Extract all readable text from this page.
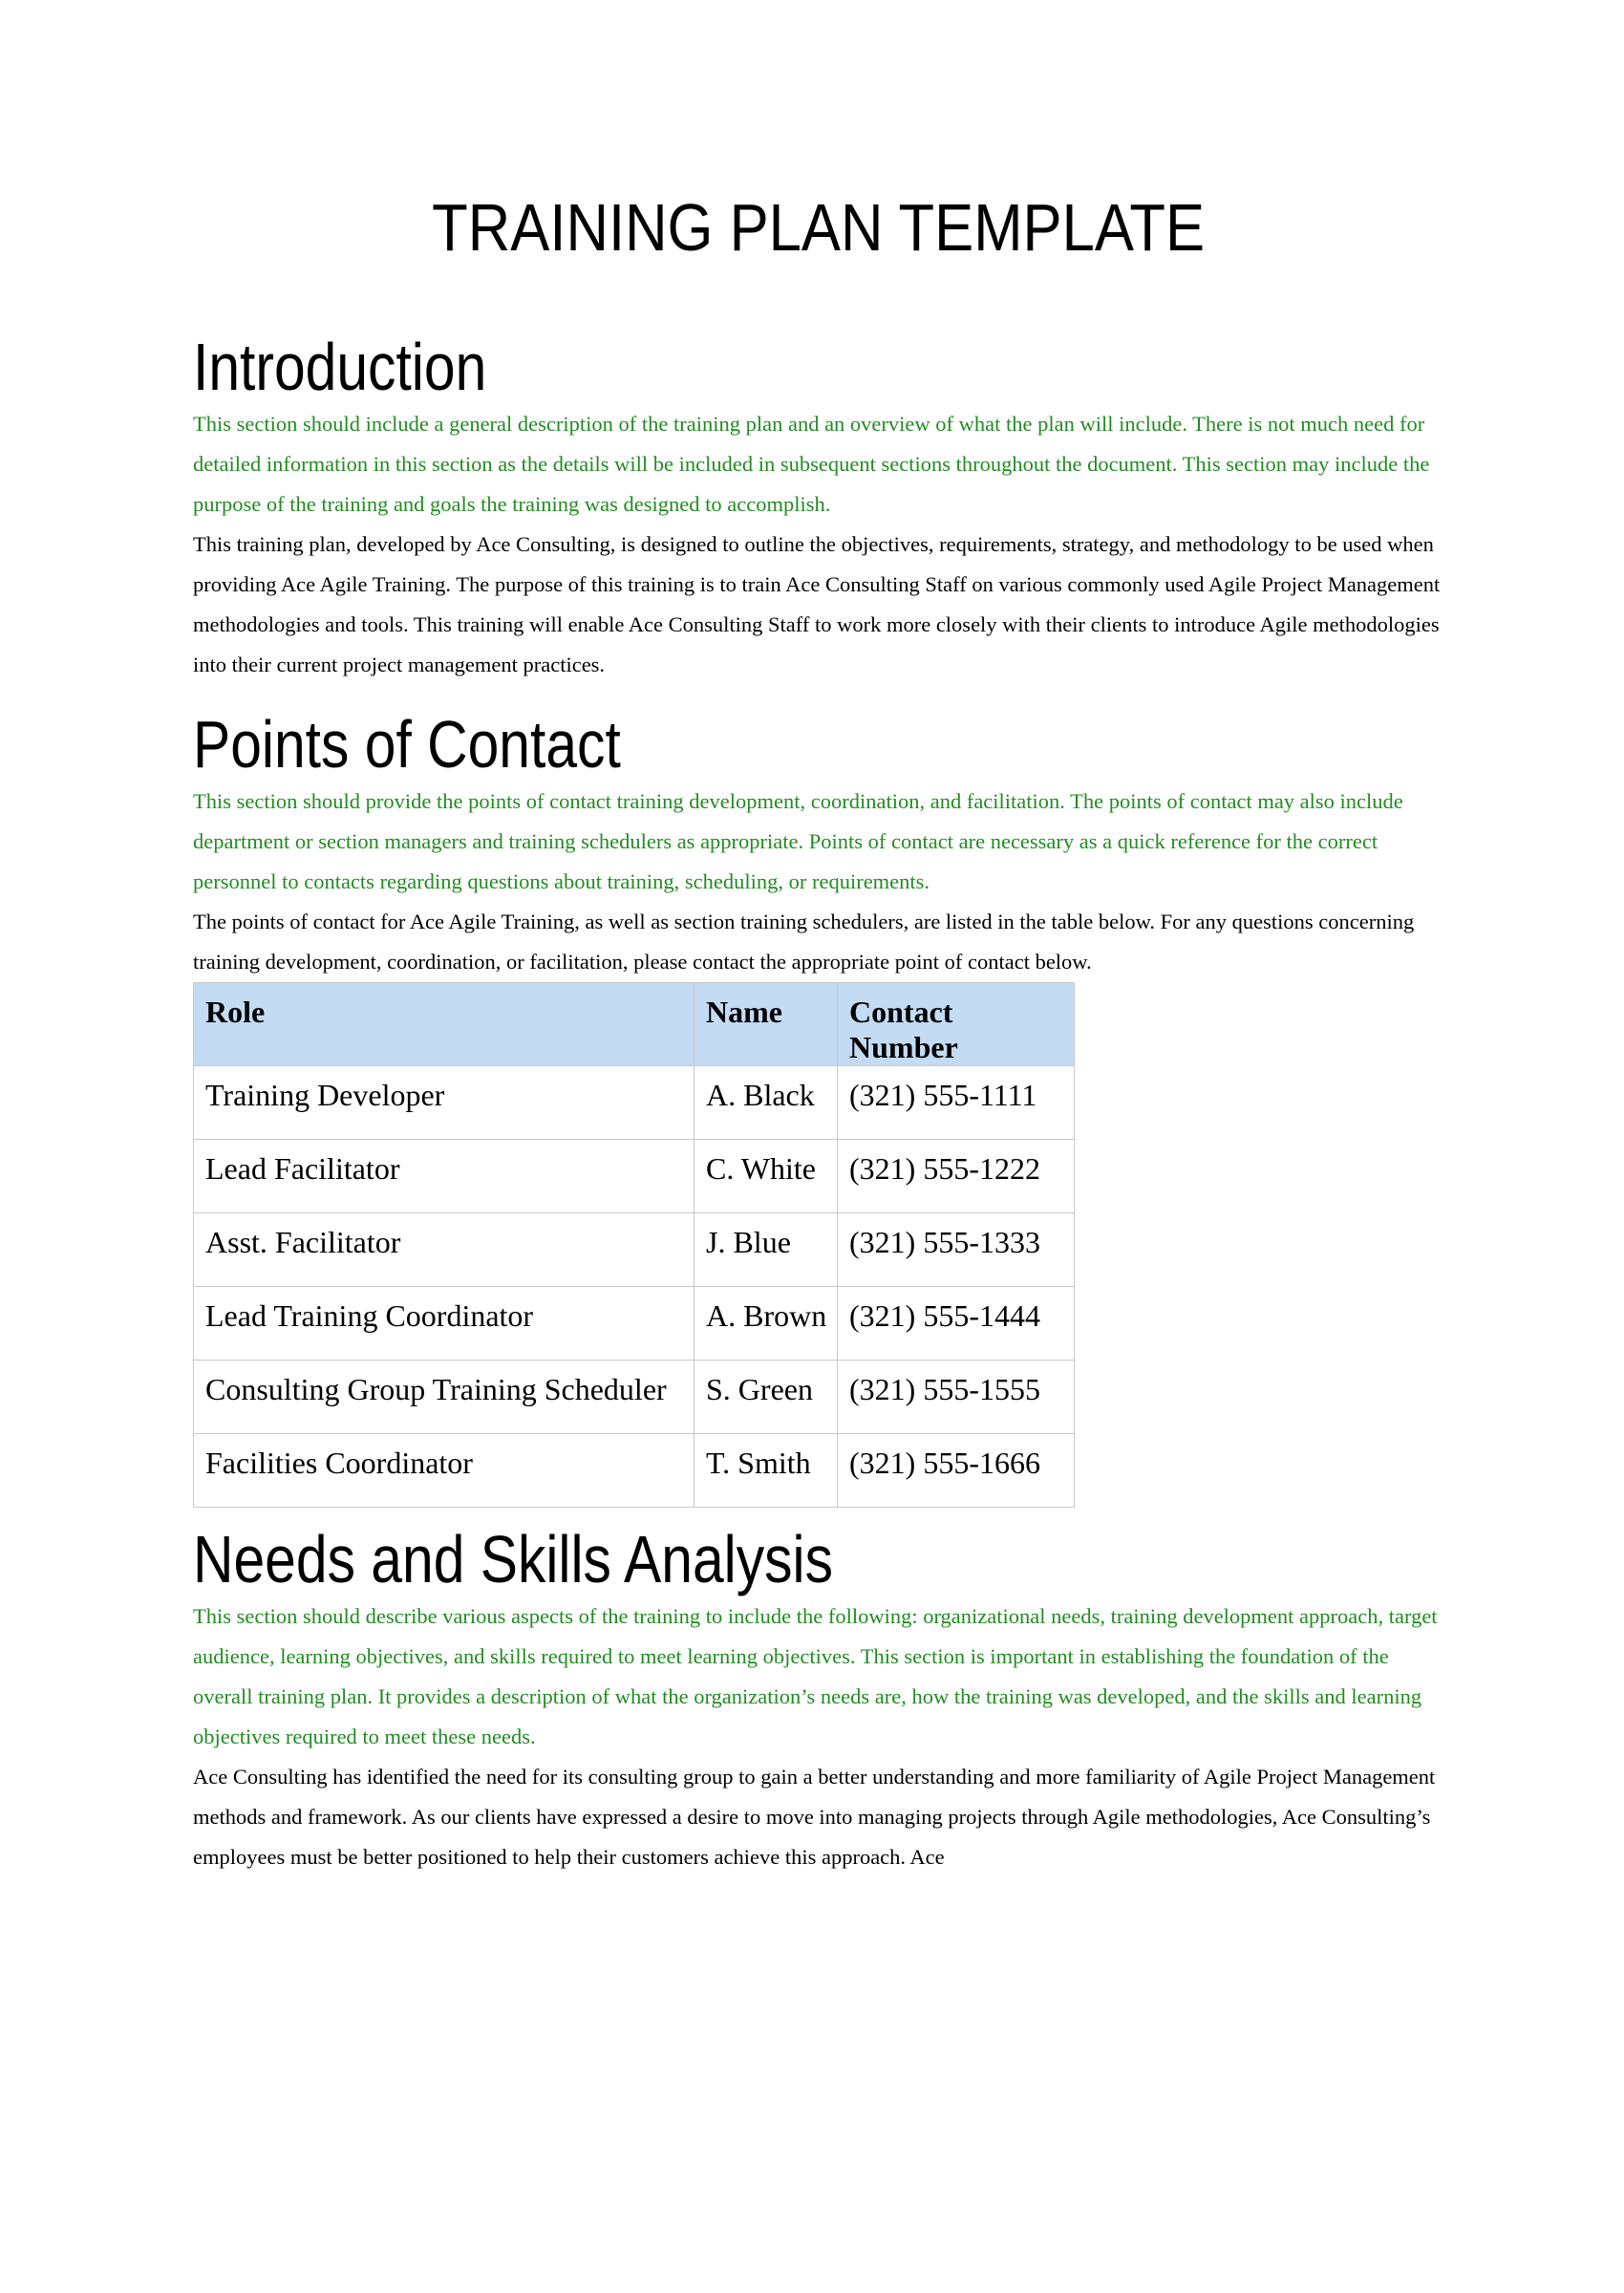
TRAINING PLAN TEMPLATE
Introduction

This section should include a general description of the training plan and an overview of what the plan will include. There is not much need for detailed information in this section as the details will be included in subsequent sections throughout the document. This section may include the purpose of the training and goals the training was designed to accomplish.

This training plan, developed by Ace Consulting, is designed to outline the objectives, requirements, strategy, and methodology to be used when providing Ace Agile Training. The purpose of this training is to train Ace Consulting Staff on various commonly used Agile Project Management methodologies and tools. This training will enable Ace Consulting Staff to work more closely with their clients to introduce Agile methodologies into their current project management practices.

Points of Contact

This section should provide the points of contact training development, coordination, and facilitation. The points of contact may also include department or section managers and training schedulers as appropriate. Points of contact are necessary as a quick reference for the correct personnel to contacts regarding questions about training, scheduling, or requirements.

The points of contact for Ace Agile Training, as well as section training schedulers, are listed in the table below. For any questions concerning training development, coordination, or facilitation, please contact the appropriate point of contact below.

Role	Name	Contact Number
Training Developer	A. Black	(321) 555-1111
Lead Facilitator	C. White	(321) 555-1222
Asst. Facilitator	J. Blue	(321) 555-1333
Lead Training Coordinator	A. Brown	(321) 555-1444
Consulting Group Training Scheduler	S. Green	(321) 555-1555
Facilities Coordinator	T. Smith	(321) 555-1666
Needs and Skills Analysis

This section should describe various aspects of the training to include the following: organizational needs, training development approach, target audience, learning objectives, and skills required to meet learning objectives. This section is important in establishing the foundation of the overall training plan. It provides a description of what the organization’s needs are, how the training was developed, and the skills and learning objectives required to meet these needs.

Ace Consulting has identified the need for its consulting group to gain a better understanding and more familiarity of Agile Project Management methods and framework. As our clients have expressed a desire to move into managing projects through Agile methodologies, Ace Consulting’s employees must be better positioned to help their customers achieve this approach. Ace
